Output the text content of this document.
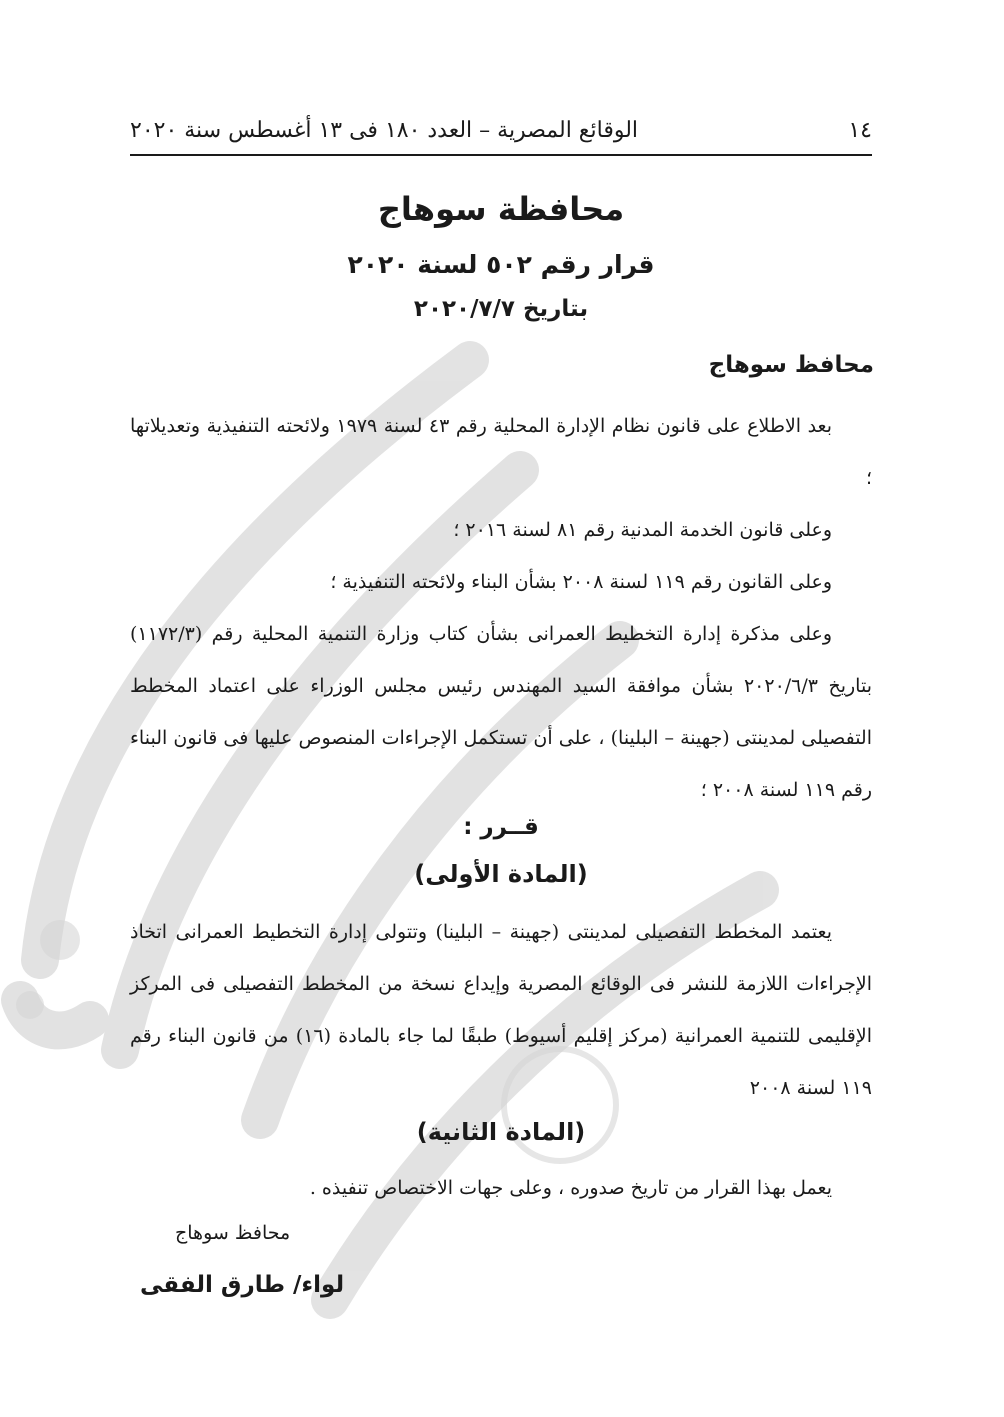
١٤
الوقائع المصرية – العدد ١٨٠ فى ١٣ أغسطس سنة ٢٠٢٠
محافظة سوهاج
قرار رقم ٥٠٢ لسنة ٢٠٢٠
بتاريخ ٢٠٢٠/٧/٧
محافظ سوهاج
بعد الاطلاع على قانون نظام الإدارة المحلية رقم ٤٣ لسنة ١٩٧٩ ولائحته التنفيذية وتعديلاتها ؛
وعلى قانون الخدمة المدنية رقم ٨١ لسنة ٢٠١٦ ؛
وعلى القانون رقم ١١٩ لسنة ٢٠٠٨ بشأن البناء ولائحته التنفيذية ؛
وعلى مذكرة إدارة التخطيط العمرانى بشأن كتاب وزارة التنمية المحلية رقم (١١٧٢/٣) بتاريخ ٢٠٢٠/٦/٣ بشأن موافقة السيد المهندس رئيس مجلس الوزراء على اعتماد المخطط التفصيلى لمدينتى (جهينة – البلينا) ، على أن تستكمل الإجراءات المنصوص عليها فى قانون البناء رقم ١١٩ لسنة ٢٠٠٨ ؛
قــرر :
(المادة الأولى)
يعتمد المخطط التفصيلى لمدينتى (جهينة – البلينا) وتتولى إدارة التخطيط العمرانى اتخاذ الإجراءات اللازمة للنشر فى الوقائع المصرية وإيداع نسخة من المخطط التفصيلى فى المركز الإقليمى للتنمية العمرانية (مركز إقليم أسيوط) طبقًا لما جاء بالمادة (١٦) من قانون البناء رقم ١١٩ لسنة ٢٠٠٨
(المادة الثانية)
يعمل بهذا القرار من تاريخ صدوره ، وعلى جهات الاختصاص تنفيذه .
محافظ سوهاج
لواء/ طارق الفقى
